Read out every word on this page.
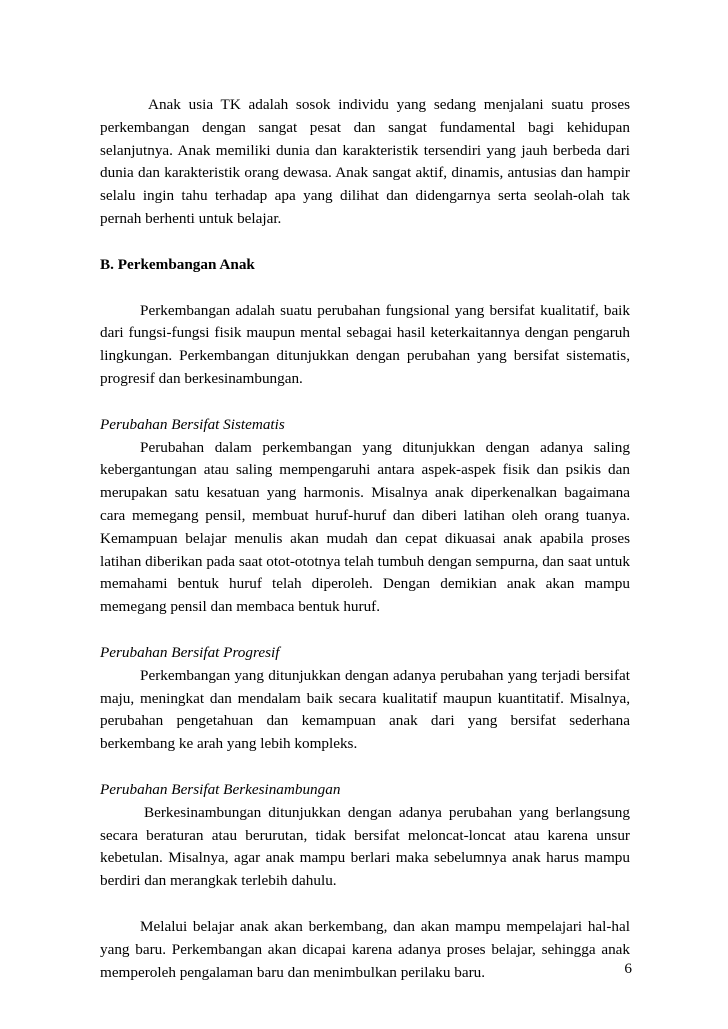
Anak usia TK adalah sosok individu yang sedang menjalani suatu proses perkembangan dengan sangat pesat dan sangat fundamental bagi kehidupan selanjutnya. Anak memiliki dunia dan karakteristik tersendiri yang jauh berbeda dari dunia dan karakteristik orang dewasa. Anak sangat aktif, dinamis, antusias dan hampir selalu ingin tahu terhadap apa yang dilihat dan didengarnya serta seolah-olah tak pernah berhenti untuk belajar.

B. Perkembangan Anak

Perkembangan adalah suatu perubahan fungsional yang bersifat kualitatif, baik dari fungsi-fungsi fisik maupun mental sebagai hasil keterkaitannya dengan pengaruh lingkungan. Perkembangan ditunjukkan dengan perubahan yang bersifat sistematis, progresif dan berkesinambungan.

Perubahan Bersifat Sistematis

Perubahan dalam perkembangan yang ditunjukkan dengan adanya saling kebergantungan atau saling mempengaruhi antara aspek-aspek fisik dan psikis dan merupakan satu kesatuan yang harmonis. Misalnya anak diperkenalkan bagaimana cara memegang pensil, membuat huruf-huruf dan diberi latihan oleh orang tuanya. Kemampuan belajar menulis akan mudah dan cepat dikuasai anak apabila proses latihan diberikan pada saat otot-ototnya telah tumbuh dengan sempurna, dan saat untuk memahami bentuk huruf telah diperoleh. Dengan demikian anak akan mampu memegang pensil dan membaca bentuk huruf.

Perubahan Bersifat Progresif

Perkembangan yang ditunjukkan dengan adanya perubahan yang terjadi bersifat maju, meningkat dan mendalam baik secara kualitatif maupun kuantitatif. Misalnya, perubahan pengetahuan dan kemampuan anak dari yang bersifat sederhana berkembang ke arah yang lebih kompleks.

Perubahan Bersifat Berkesinambungan

Berkesinambungan ditunjukkan dengan adanya perubahan yang berlangsung secara beraturan atau berurutan, tidak bersifat meloncat-loncat atau karena unsur kebetulan. Misalnya, agar anak mampu berlari maka sebelumnya anak harus mampu berdiri dan merangkak terlebih dahulu.

Melalui belajar anak akan berkembang, dan akan mampu mempelajari hal-hal yang baru. Perkembangan akan dicapai karena adanya proses belajar, sehingga anak memperoleh pengalaman baru dan menimbulkan perilaku baru.	6
